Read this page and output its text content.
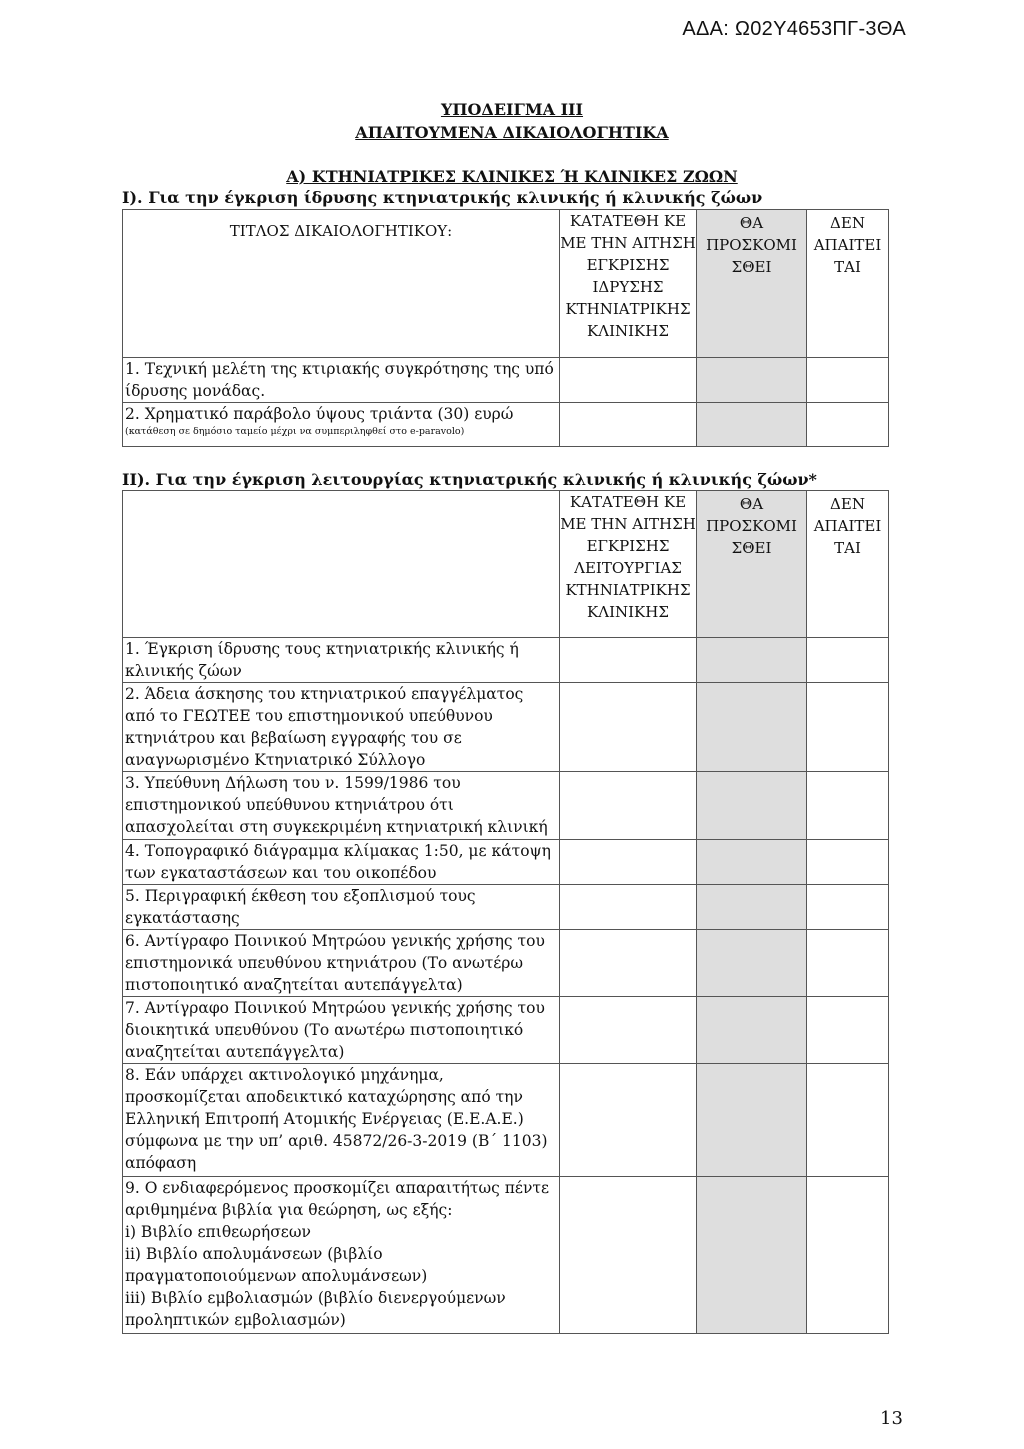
ΑΔΑ: Ω02Υ4653ΠΓ-3ΘΑ
ΥΠΟΔΕΙΓΜΑ ΙΙΙ
ΑΠΑΙΤΟΥΜΕΝΑ ΔΙΚΑΙΟΛΟΓΗΤΙΚΑ
Α) ΚΤΗΝΙΑΤΡΙΚΕΣ ΚΛΙΝΙΚΕΣ Ή ΚΛΙΝΙΚΕΣ ΖΩΩΝ
Ι). Για την έγκριση ίδρυσης κτηνιατρικής κλινικής ή κλινικής ζώων
ΤΙΤΛΟΣ ΔΙΚΑΙΟΛΟΓΗΤΙΚΟΥ:	ΚΑΤΑΤΕΘΗ ΚΕ ΜΕ ΤΗΝ ΑΙΤΗΣΗ ΕΓΚΡΙΣΗΣ ΙΔΡΥΣΗΣ ΚΤΗΝΙΑΤΡΙΚΗΣ ΚΛΙΝΙΚΗΣ	ΘΑ ΠΡΟΣΚΟΜΙ ΣΘΕΙ	ΔΕΝ ΑΠΑΙΤΕΙ ΤΑΙ
1. Τεχνική μελέτη της κτιριακής συγκρότησης της υπό ίδρυσης μονάδας.			
2. Χρηματικό παράβολο ύψους τριάντα (30) ευρώ
(κατάθεση σε δημόσιο ταμείο μέχρι να συμπεριληφθεί στο e-paravolo)			

ΙΙ). Για την έγκριση λειτουργίας κτηνιατρικής κλινικής ή κλινικής ζώων*
	ΚΑΤΑΤΕΘΗ ΚΕ ΜΕ ΤΗΝ ΑΙΤΗΣΗ ΕΓΚΡΙΣΗΣ ΛΕΙΤΟΥΡΓΙΑΣ ΚΤΗΝΙΑΤΡΙΚΗΣ ΚΛΙΝΙΚΗΣ	ΘΑ ΠΡΟΣΚΟΜΙ ΣΘΕΙ	ΔΕΝ ΑΠΑΙΤΕΙ ΤΑΙ
1. Έγκριση ίδρυσης τους κτηνιατρικής κλινικής ή κλινικής ζώων			
2. Άδεια άσκησης του κτηνιατρικού επαγγέλματος από το ΓΕΩΤΕΕ του επιστημονικού υπεύθυνου κτηνιάτρου και βεβαίωση εγγραφής του σε αναγνωρισμένο Κτηνιατρικό Σύλλογο			
3. Υπεύθυνη Δήλωση του ν. 1599/1986 του επιστημονικού υπεύθυνου κτηνιάτρου ότι απασχολείται στη συγκεκριμένη κτηνιατρική κλινική			
4. Τοπογραφικό διάγραμμα κλίμακας 1:50, με κάτοψη των εγκαταστάσεων και του οικοπέδου			
5. Περιγραφική έκθεση του εξοπλισμού τους εγκατάστασης			
6. Αντίγραφο Ποινικού Μητρώου γενικής χρήσης του επιστημονικά υπευθύνου κτηνιάτρου (Το ανωτέρω πιστοποιητικό αναζητείται αυτεπάγγελτα)			
7. Αντίγραφο Ποινικού Μητρώου γενικής χρήσης του διοικητικά υπευθύνου (Το ανωτέρω πιστοποιητικό αναζητείται αυτεπάγγελτα)			
8. Εάν υπάρχει ακτινολογικό μηχάνημα, προσκομίζεται αποδεικτικό καταχώρησης από την Ελληνική Επιτροπή Ατομικής Ενέργειας (Ε.Ε.Α.Ε.) σύμφωνα με την υπ’ αριθ. 45872/26-3-2019 (Β΄ 1103) απόφαση			
9. Ο ενδιαφερόμενος προσκομίζει απαραιτήτως πέντε αριθμημένα βιβλία για θεώρηση, ως εξής:
i) Βιβλίο επιθεωρήσεων
ii) Βιβλίο απολυμάνσεων (βιβλίο πραγματοποιούμενων απολυμάνσεων)
iii) Βιβλίο εμβολιασμών (βιβλίο διενεργούμενων προληπτικών εμβολιασμών)			
13
